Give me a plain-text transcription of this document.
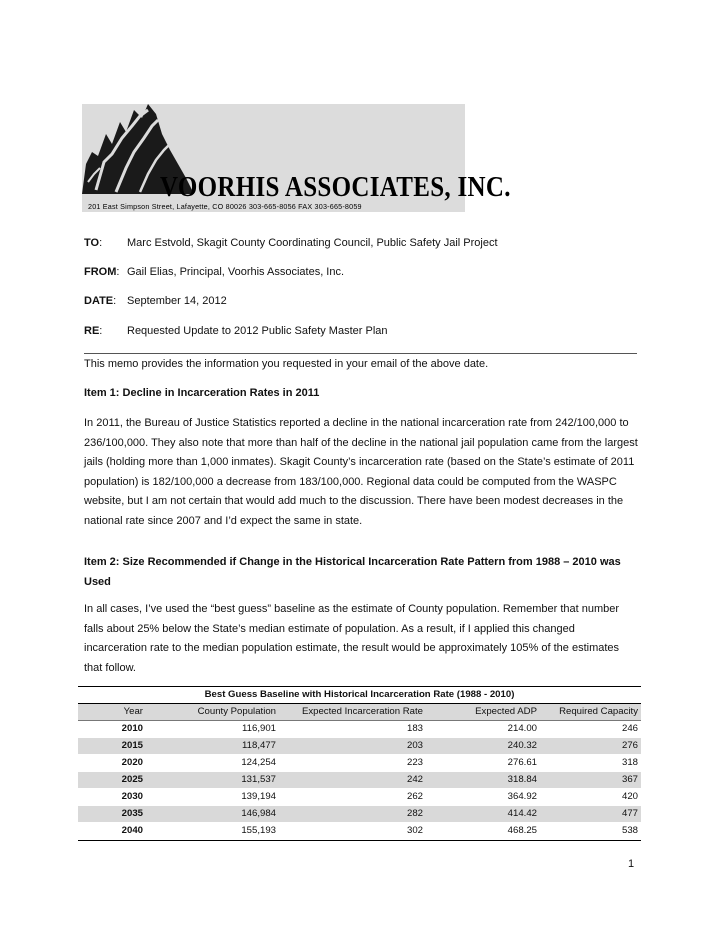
VOORHIS ASSOCIATES, INC.
201 East Simpson Street, Lafayette, CO 80026 303-665-8056 FAX 303-665-8059
TO: Marc Estvold, Skagit County Coordinating Council, Public Safety Jail Project
FROM: Gail Elias, Principal, Voorhis Associates, Inc.
DATE: September 14, 2012
RE: Requested Update to 2012 Public Safety Master Plan
This memo provides the information you requested in your email of the above date.
Item 1: Decline in Incarceration Rates in 2011
In 2011, the Bureau of Justice Statistics reported a decline in the national incarceration rate from 242/100,000 to 236/100,000. They also note that more than half of the decline in the national jail population came from the largest jails (holding more than 1,000 inmates). Skagit County’s incarceration rate (based on the State’s estimate of 2011 population) is 182/100,000 a decrease from 183/100,000. Regional data could be computed from the WASPC website, but I am not certain that would add much to the discussion. There have been modest decreases in the national rate since 2007 and I’d expect the same in state.
Item 2: Size Recommended if Change in the Historical Incarceration Rate Pattern from 1988 – 2010 was Used
In all cases, I’ve used the “best guess” baseline as the estimate of County population. Remember that number falls about 25% below the State’s median estimate of population. As a result, if I applied this changed incarceration rate to the median population estimate, the result would be approximately 105% of the estimates that follow.
Best Guess Baseline with Historical Incarceration Rate (1988 - 2010)
Year	County Population	Expected Incarceration Rate	Expected ADP	Required Capacity
2010	116,901	183	214.00	246
2015	118,477	203	240.32	276
2020	124,254	223	276.61	318
2025	131,537	242	318.84	367
2030	139,194	262	364.92	420
2035	146,984	282	414.42	477
2040	155,193	302	468.25	538
1
